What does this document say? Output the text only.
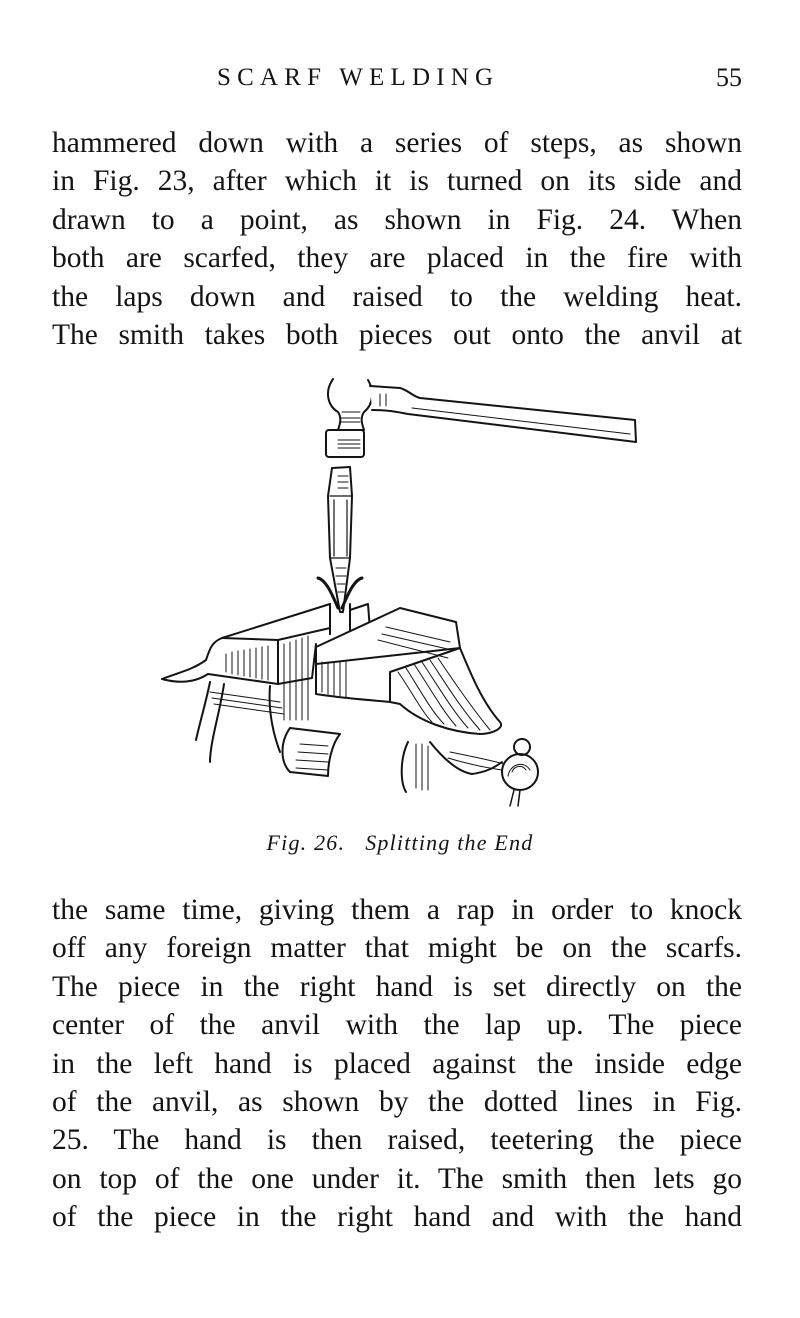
SCARF WELDING	55
hammered down with a series of steps, as shown
in Fig. 23, after which it is turned on its side and
drawn to a point, as shown in Fig. 24. When
both are scarfed, they are placed in the fire with
the laps down and raised to the welding heat.
The smith takes both pieces out onto the anvil at
Fig. 26. Splitting the End
the same time, giving them a rap in order to knock
off any foreign matter that might be on the scarfs.
The piece in the right hand is set directly on the
center of the anvil with the lap up. The piece
in the left hand is placed against the inside edge
of the anvil, as shown by the dotted lines in Fig.
25. The hand is then raised, teetering the piece
on top of the one under it. The smith then lets go
of the piece in the right hand and with the hand
